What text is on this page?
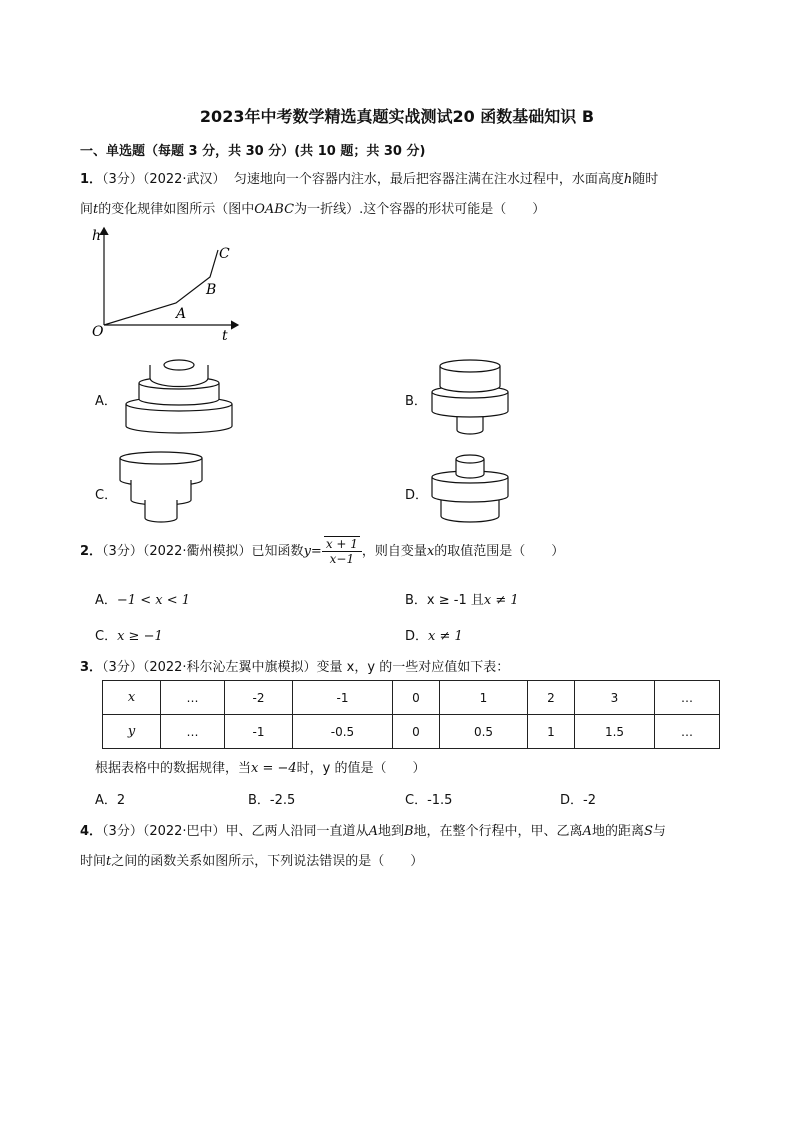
2023年中考数学精选真题实战测试20 函数基础知识 B
一、单选题（每题 3 分，共 30 分）(共 10 题；共 30 分)
1．（3分）（2022·武汉） 匀速地向一个容器内注水，最后把容器注满在注水过程中，水面高度h随时
间t的变化规律如图所示（图中OABC为一折线）.这个容器的形状可能是（　　）
h
t
O
A
B
C
A．	B．
C．	D．
2．（3分）（2022·衢州模拟）已知函数$y= \frac{x + 1}{x-1}$ ，则自变量x的取值范围是（　　）
A．−1 < x < 1	B．x ≥ -1 且x ≠ 1
C．x ≥ −1	D．x ≠ 1
3．（3分）（2022·科尔沁左翼中旗模拟）变量 x，y 的一些对应值如下表：
x	…	-2	-1	0	1	2	3	…
y	…	-1	-0.5	0	0.5	1	1.5	…
根据表格中的数据规律，当x = −4时，y 的值是（　　）
A．2	B．-2.5	C．-1.5	D．-2
4．（3分）（2022·巴中）甲、乙两人沿同一直道从A地到B地，在整个行程中，甲、乙离A地的距离S与
时间t之间的函数关系如图所示，下列说法错误的是（　　）
